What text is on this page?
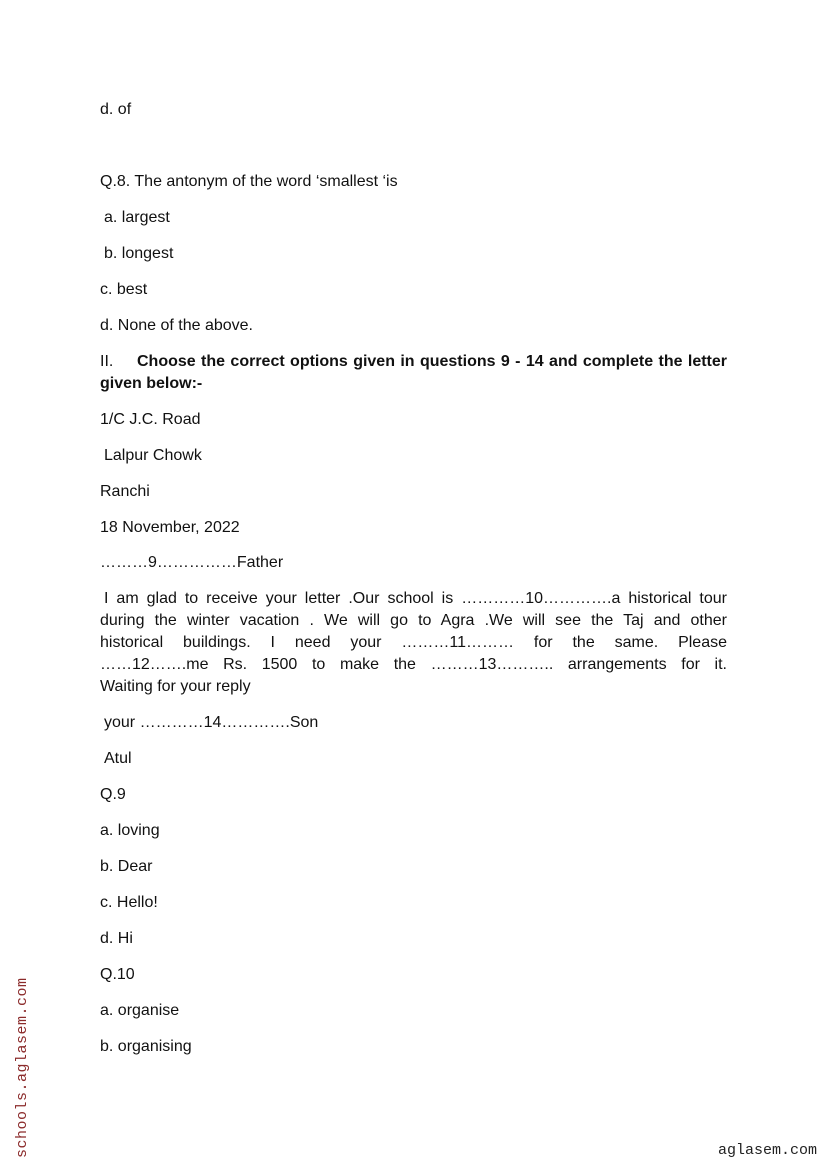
d. of
Q.8. The antonym of the word ‘smallest ‘is
a. largest
b. longest
c. best
d. None of the above.
II. Choose the correct options given in questions 9 - 14 and complete the letter given below:-
1/C J.C. Road
Lalpur Chowk
Ranchi
18 November, 2022
………9……………Father

I am glad to receive your letter .Our school is …………10………….a historical tour

during the winter vacation . We will go to Agra .We will see the Taj and other

historical buildings. I need your ………11……… for the same. Please

……12…….me Rs. 1500 to make the ………13……….. arrangements for it.

Waiting for your reply

your …………14………….Son
Atul
Q.9
a. loving
b. Dear
c. Hello!
d. Hi
Q.10
a. organise
b. organising
schools.aglasem.com	aglasem.com
